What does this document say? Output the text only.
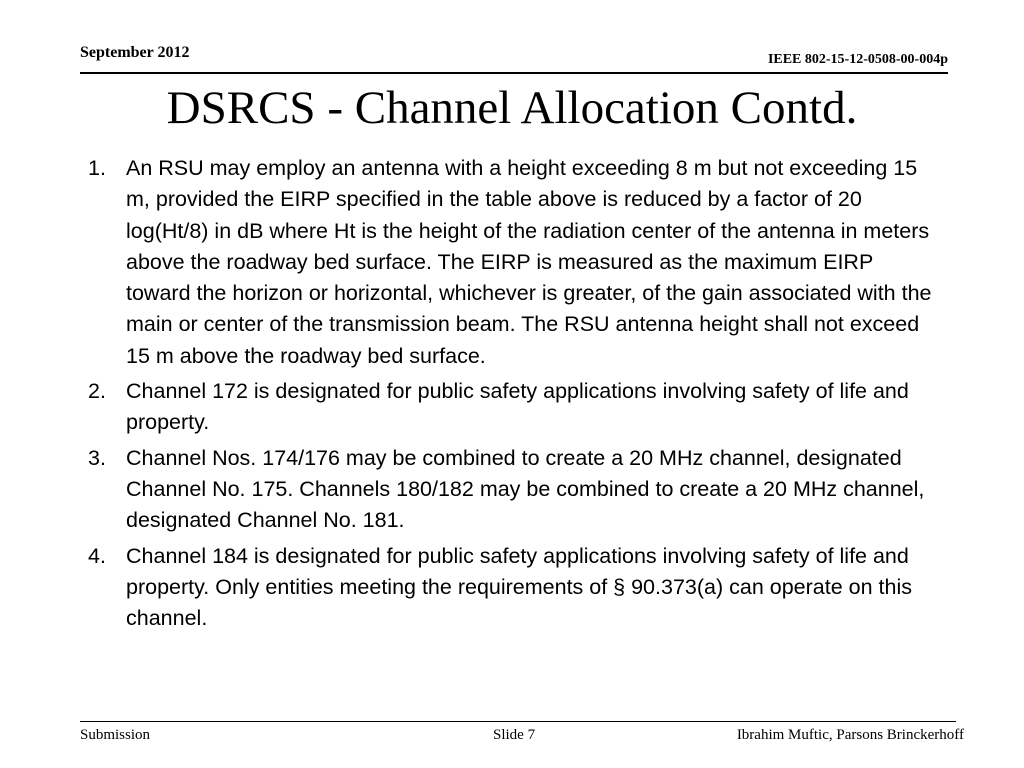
September 2012	IEEE 802-15-12-0508-00-004p
DSRCS - Channel Allocation Contd.
1. An RSU may employ an antenna with a height exceeding 8 m but not exceeding 15 m, provided the EIRP specified in the table above is reduced by a factor of 20 log(Ht/8) in dB where Ht is the height of the radiation center of the antenna in meters above the roadway bed surface. The EIRP is measured as the maximum EIRP toward the horizon or horizontal, whichever is greater, of the gain associated with the main or center of the transmission beam. The RSU antenna height shall not exceed 15 m above the roadway bed surface.
2. Channel 172 is designated for public safety applications involving safety of life and property.
3. Channel Nos. 174/176 may be combined to create a 20 MHz channel, designated Channel No. 175. Channels 180/182 may be combined to create a 20 MHz channel, designated Channel No. 181.
4. Channel 184 is designated for public safety applications involving safety of life and property. Only entities meeting the requirements of § 90.373(a) can operate on this channel.
Submission	Slide 7	Ibrahim Muftic, Parsons Brinckerhoff
